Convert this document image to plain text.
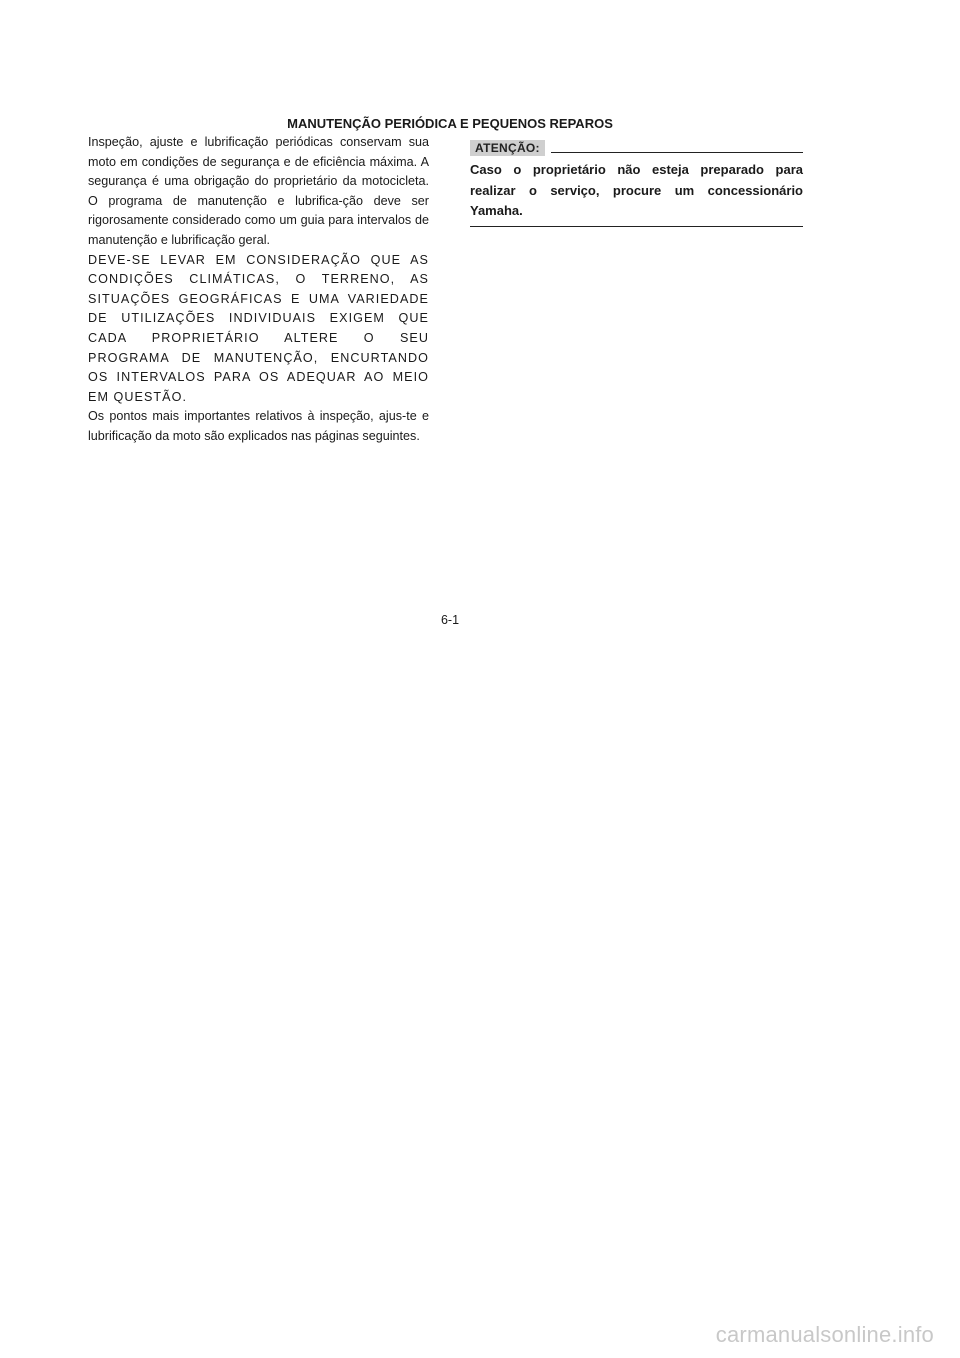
MANUTENÇÃO PERIÓDICA E PEQUENOS REPAROS

Inspeção, ajuste e lubrificação periódicas conservam sua moto em condições de segurança e de eficiência máxima. A segurança é uma obrigação do proprietário da motocicleta. O programa de manutenção e lubrifica-ção deve ser rigorosamente considerado como um guia para intervalos de manutenção e lubrificação geral.

DEVE-SE LEVAR EM CONSIDERAÇÃO QUE AS CONDIÇÕES CLIMÁTICAS, O TERRENO, AS SITUAÇÕES GEOGRÁFICAS E UMA VARIEDADE DE UTILIZAÇÕES INDIVIDUAIS EXIGEM QUE CADA PROPRIETÁRIO ALTERE O SEU PROGRAMA DE MANUTENÇÃO, ENCURTANDO OS INTERVALOS PARA OS ADEQUAR AO MEIO EM QUESTÃO.

Os pontos mais importantes relativos à inspeção, ajus-te e lubrificação da moto são explicados nas páginas seguintes.

ATENÇÃO:
Caso o proprietário não esteja preparado para realizar o serviço, procure um concessionário Yamaha.
6-1
carmanualsonline.info
